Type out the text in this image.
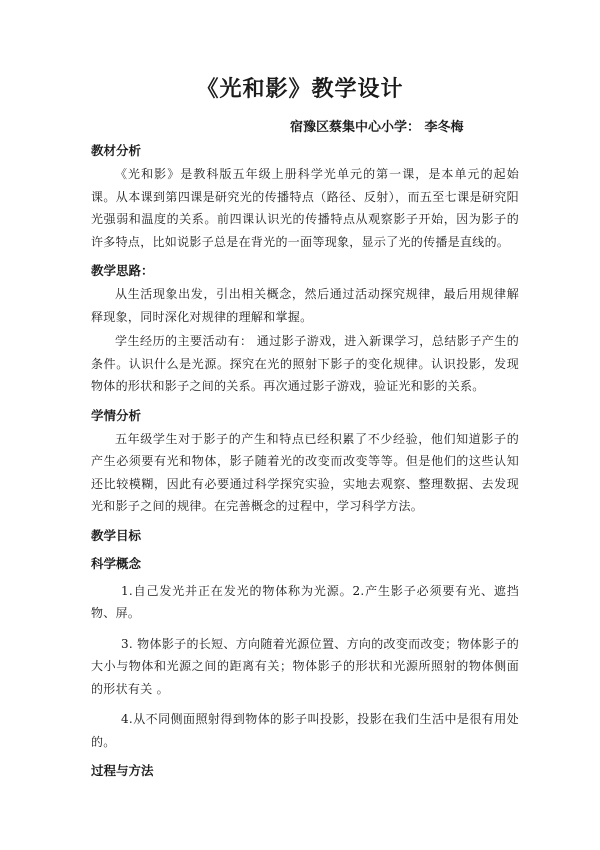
《光和影》教学设计
宿豫区蔡集中心小学： 李冬梅
教材分析

《光和影》是教科版五年级上册科学光单元的第一课，是本单元的起始课。从本课到第四课是研究光的传播特点（路径、反射），而五至七课是研究阳光强弱和温度的关系。前四课认识光的传播特点从观察影子开始，因为影子的许多特点，比如说影子总是在背光的一面等现象，显示了光的传播是直线的。

教学思路：

从生活现象出发，引出相关概念，然后通过活动探究规律，最后用规律解释现象，同时深化对规律的理解和掌握。

学生经历的主要活动有： 通过影子游戏，进入新课学习，总结影子产生的条件。认识什么是光源。探究在光的照射下影子的变化规律。认识投影，发现物体的形状和影子之间的关系。再次通过影子游戏，验证光和影的关系。

学情分析

五年级学生对于影子的产生和特点已经积累了不少经验，他们知道影子的产生必须要有光和物体，影子随着光的改变而改变等等。但是他们的这些认知还比较模糊，因此有必要通过科学探究实验，实地去观察、整理数据、去发现光和影子之间的规律。在完善概念的过程中，学习科学方法。

教学目标
科学概念

1.自己发光并正在发光的物体称为光源。2.产生影子必须要有光、遮挡物、屏。

3. 物体影子的长短、方向随着光源位置、方向的改变而改变；物体影子的大小与物体和光源之间的距离有关；物体影子的形状和光源所照射的物体侧面的形状有关 。

4.从不同侧面照射得到物体的影子叫投影，投影在我们生活中是很有用处的。

过程与方法
